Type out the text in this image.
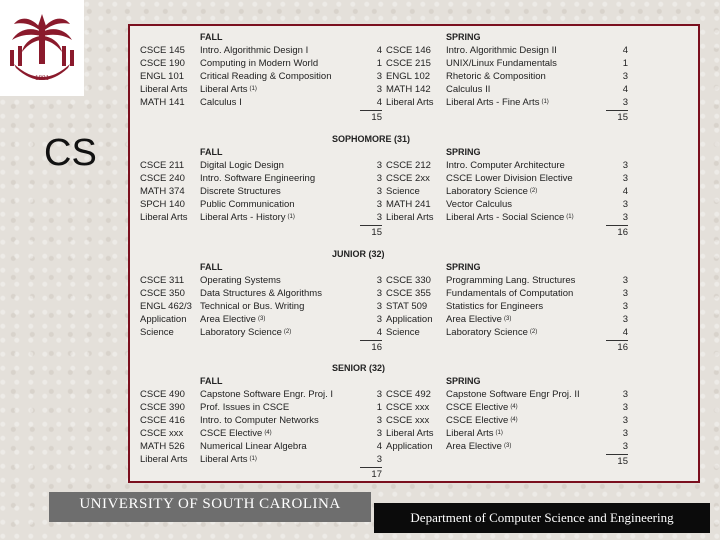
1801
CS
FALL
CSCE 145	Intro. Algorithmic Design I	4
CSCE 190	Computing in Modern World	1
ENGL 101	Critical Reading & Composition	3
Liberal Arts	Liberal Arts $^{(1)}$	3
MATH 141	Calculus I	4
15
SPRING
CSCE 146	Intro. Algorithmic Design II	4
CSCE 215	UNIX/Linux Fundamentals	1
ENGL 102	Rhetoric & Composition	3
MATH 142	Calculus II	4
Liberal Arts	Liberal Arts - Fine Arts $^{(1)}$	3
15
SOPHOMORE (31)
FALL
CSCE 211	Digital Logic Design	3
CSCE 240	Intro. Software Engineering	3
MATH 374	Discrete Structures	3
SPCH 140	Public Communication	3
Liberal Arts	Liberal Arts - History $^{(1)}$	3
15
SPRING
CSCE 212	Intro. Computer Architecture	3
CSCE 2xx	CSCE Lower Division Elective	3
Science	Laboratory Science $^{(2)}$	4
MATH 241	Vector Calculus	3
Liberal Arts	Liberal Arts - Social Science $^{(1)}$	3
16
JUNIOR (32)
FALL
CSCE 311	Operating Systems	3
CSCE 350	Data Structures & Algorithms	3
ENGL 462/3 Technical or Bus. Writing	3
Application	Area Elective $^{(3)}$	3
Science	Laboratory Science $^{(2)}$	4
16
SPRING
CSCE 330	Programming Lang. Structures	3
CSCE 355	Fundamentals of Computation	3
STAT 509	Statistics for Engineers	3
Application	Area Elective $^{(3)}$	3
Science	Laboratory Science $^{(2)}$	4
16
SENIOR (32)
FALL
CSCE 490	Capstone Software Engr. Proj. I	3
CSCE 390	Prof. Issues in CSCE	1
CSCE 416	Intro. to Computer Networks	3
CSCE xxx	CSCE Elective $^{(4)}$	3
MATH 526	Numerical Linear Algebra	4
Liberal Arts	Liberal Arts $^{(1)}$	3
17
SPRING
CSCE 492	Capstone Software Engr Proj. II	3
CSCE xxx	CSCE Elective $^{(4)}$	3
CSCE xxx	CSCE Elective $^{(4)}$	3
Liberal Arts	Liberal Arts $^{(1)}$	3
Application	Area Elective $^{(3)}$	3
15
UNIVERSITY OF SOUTH CAROLINA
Department of Computer Science and Engineering
